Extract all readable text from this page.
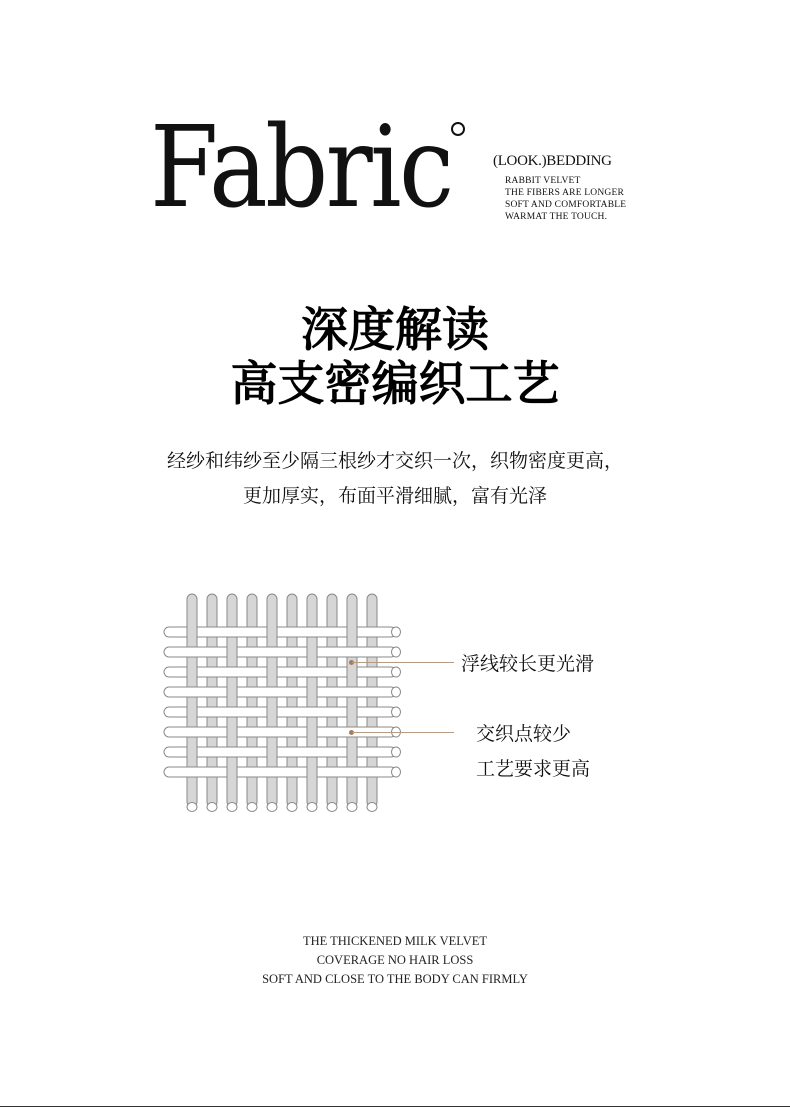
Fabric	(LOOK.)BEDDING
RABBIT VELVET
THE FIBERS ARE LONGER
SOFT AND COMFORTABLE
WARMAT THE TOUCH.
深度解读
高支密编织工艺
经纱和纬纱至少隔三根纱才交织一次，织物密度更高，
更加厚实，布面平滑细腻，富有光泽
浮线较长更光滑
交织点较少
工艺要求更高
THE THICKENED MILK VELVET
COVERAGE NO HAIR LOSS
SOFT AND CLOSE TO THE BODY CAN FIRMLY
